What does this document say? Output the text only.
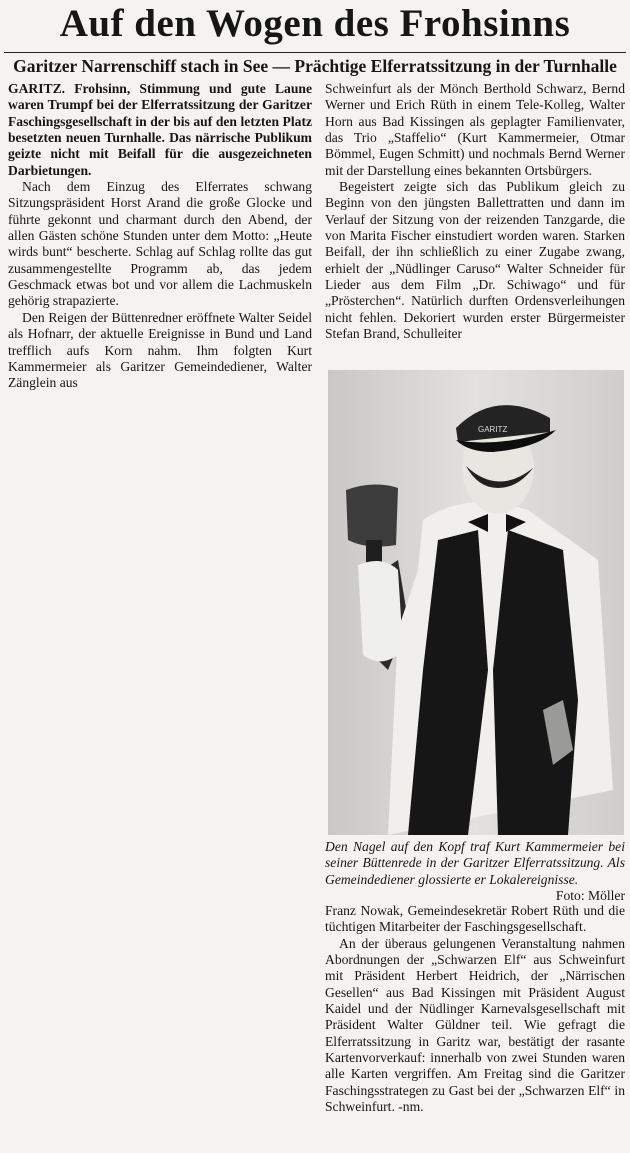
Auf den Wogen des Frohsinns
Garitzer Narrenschiff stach in See — Prächtige Elferratssitzung in der Turnhalle

GARITZ. Frohsinn, Stimmung und gute Laune waren Trumpf bei der Elferratssitzung der Garitzer Faschingsgesellschaft in der bis auf den letzten Platz besetzten neuen Turnhalle. Das närrische Publikum geizte nicht mit Beifall für die ausgezeichneten Darbietungen.

Nach dem Einzug des Elferrates schwang Sitzungspräsident Horst Arand die große Glocke und führte gekonnt und charmant durch den Abend, der allen Gästen schöne Stunden unter dem Motto: „Heute wirds bunt“ bescherte. Schlag auf Schlag rollte das gut zusammengestellte Programm ab, das jedem Geschmack etwas bot und vor allem die Lachmuskeln gehörig strapazierte.

Den Reigen der Büttenredner eröffnete Walter Seidel als Hofnarr, der aktuelle Ereignisse in Bund und Land trefflich aufs Korn nahm. Ihm folgten Kurt Kammermeier als Garitzer Gemeindediener, Walter Zänglein aus

Schweinfurt als der Mönch Berthold Schwarz, Bernd Werner und Erich Rüth in einem Tele-Kolleg, Walter Horn aus Bad Kissingen als geplagter Familienvater, das Trio „Staffelio“ (Kurt Kammermeier, Otmar Bömmel, Eugen Schmitt) und nochmals Bernd Werner mit der Darstellung eines bekannten Ortsbürgers.

Begeistert zeigte sich das Publikum gleich zu Beginn von den jüngsten Ballettratten und dann im Verlauf der Sitzung von der reizenden Tanzgarde, die von Marita Fischer einstudiert worden waren. Starken Beifall, der ihn schließlich zu einer Zugabe zwang, erhielt der „Nüdlinger Caruso“ Walter Schneider für Lieder aus dem Film „Dr. Schiwago“ und für „Prösterchen“. Natürlich durften Ordensverleihungen nicht fehlen. Dekoriert wurden erster Bürgermeister Stefan Brand, Schulleiter

GARITZ
Den Nagel auf den Kopf traf Kurt Kammermeier bei seiner Büttenrede in der Garitzer Elferratssitzung. Als Gemeindediener glossierte er Lokalereignisse.
Foto: Möller

Franz Nowak, Gemeindesekretär Robert Rüth und die tüchtigen Mitarbeiter der Faschingsgesellschaft.

An der überaus gelungenen Veranstaltung nahmen Abordnungen der „Schwarzen Elf“ aus Schweinfurt mit Präsident Herbert Heidrich, der „Närrischen Gesellen“ aus Bad Kissingen mit Präsident August Kaidel und der Nüdlinger Karnevalsgesellschaft mit Präsident Walter Güldner teil. Wie gefragt die Elferratssitzung in Garitz war, bestätigt der rasante Kartenvorverkauf: innerhalb von zwei Stunden waren alle Karten vergriffen. Am Freitag sind die Garitzer Faschingsstrategen zu Gast bei der „Schwarzen Elf“ in Schweinfurt. -nm.
